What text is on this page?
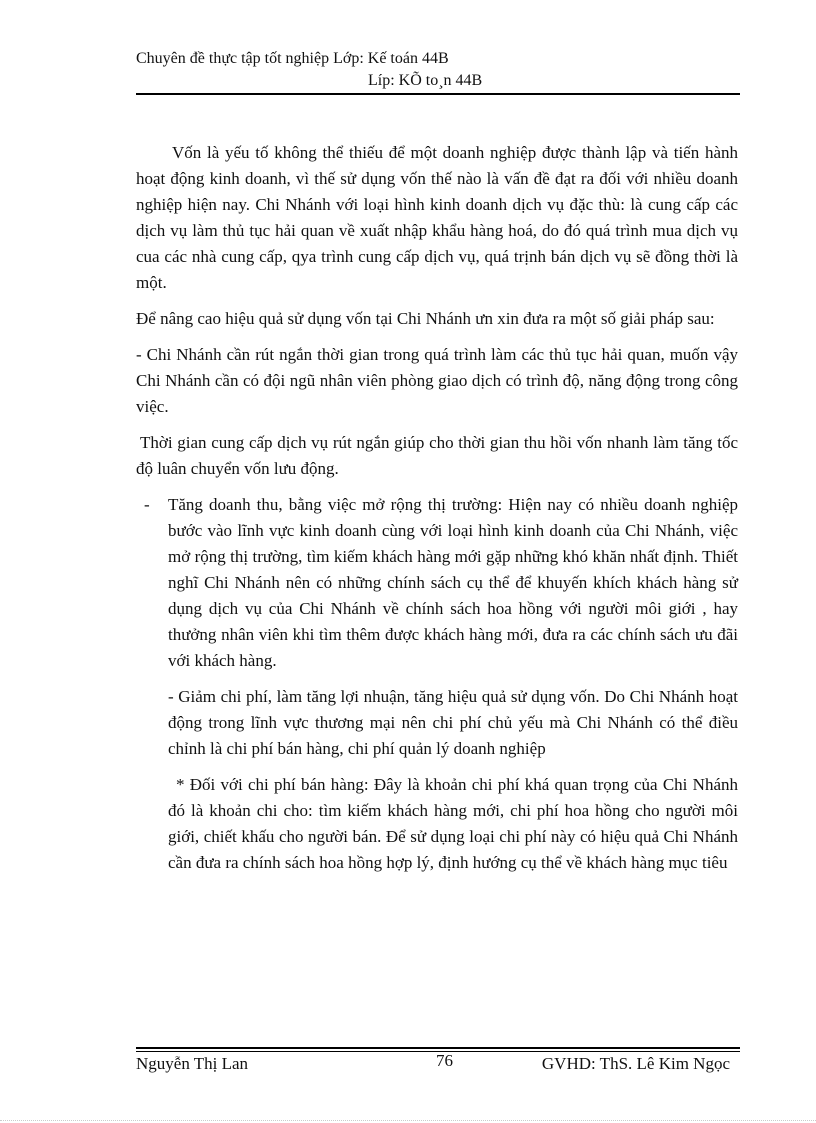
Chuyên đề thực tập tốt nghiệp Lớp: Kế toán 44B
Líp: KÕ to¸n 44B

Vốn là yếu tố không thể thiếu để một doanh nghiệp được thành lập và tiến hành hoạt động kinh doanh, vì thế sử dụng vốn thế nào là vấn đề đạt ra đối với nhiều doanh nghiệp hiện nay. Chi Nhánh với loại hình kinh doanh dịch vụ đặc thù: là cung cấp các dịch vụ làm thủ tục hải quan về xuất nhập khẩu hàng hoá, do đó quá trình mua dịch vụ cua các nhà cung cấp, qya trình cung cấp dịch vụ, quá trịnh bán dịch vụ sẽ đồng thời là một.

Để nâng cao hiệu quả sử dụng vốn tại Chi Nhánh ưn xin đưa ra một số giải pháp sau:

- Chi Nhánh cần rút ngắn thời gian trong quá trình làm các thủ tục hải quan, muốn vậy Chi Nhánh cần có đội ngũ nhân viên phòng giao dịch có trình độ, năng động trong công việc.

Thời gian cung cấp dịch vụ rút ngắn giúp cho thời gian thu hồi vốn nhanh làm tăng tốc độ luân chuyển vốn lưu động.

-	Tăng doanh thu, bằng việc mở rộng thị trường: Hiện nay có nhiều doanh nghiệp bước vào lĩnh vực kinh doanh cùng với loại hình kinh doanh của Chi Nhánh, việc mở rộng thị trường, tìm kiếm khách hàng mới gặp những khó khăn nhất định. Thiết nghĩ Chi Nhánh nên có những chính sách cụ thể để khuyến khích khách hàng sử dụng dịch vụ của Chi Nhánh về chính sách hoa hồng với người môi giới , hay thưởng nhân viên khi tìm thêm được khách hàng mới, đưa ra các chính sách ưu đãi với khách hàng.

- Giảm chi phí, làm tăng lợi nhuận, tăng hiệu quả sử dụng vốn. Do Chi Nhánh hoạt động trong lĩnh vực thương mại nên chi phí chủ yếu mà Chi Nhánh có thể điều chỉnh là chi phí bán hàng, chi phí quản lý doanh nghiệp

* Đối với chi phí bán hàng: Đây là khoản chi phí khá quan trọng của Chi Nhánh đó là khoản chi cho: tìm kiếm khách hàng mới, chi phí hoa hồng cho người môi giới, chiết khấu cho người bán. Để sử dụng loại chi phí này có hiệu quả Chi Nhánh cần đưa ra chính sách hoa hồng hợp lý, định hướng cụ thể về khách hàng mục tiêu

Nguyễn Thị Lan	76	GVHD: ThS. Lê Kim Ngọc
